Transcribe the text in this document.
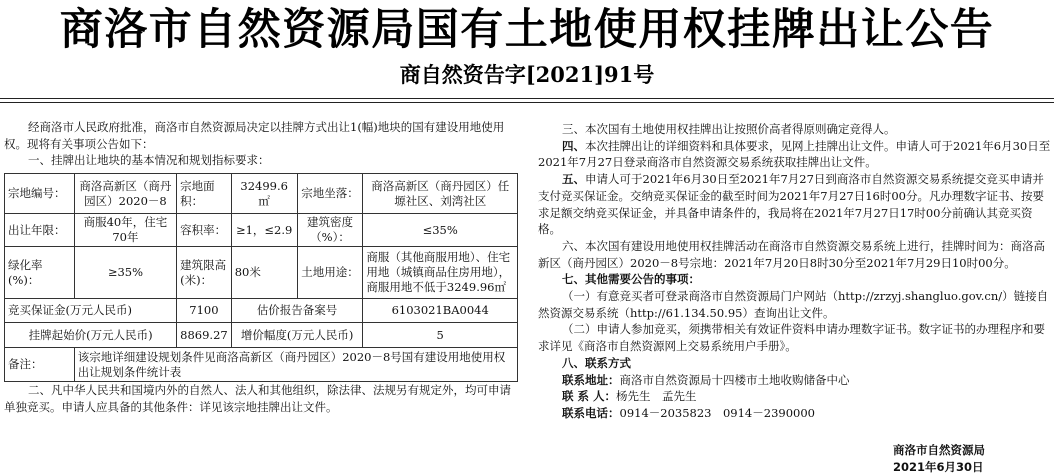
商洛市自然资源局国有土地使用权挂牌出让公告
商自然资告字[2021]91号

经商洛市人民政府批准，商洛市自然资源局决定以挂牌方式出让1(幅)地块的国有建设用地使用权。现将有关事项公告如下：

一、挂牌出让地块的基本情况和规划指标要求：

宗地编号：	商洛高新区（商丹园区）2020－8	宗地面积：	32499.6㎡	宗地坐落：	商洛高新区（商丹园区）任塬社区、刘湾社区
出让年限：	商服40年，住宅70年	容积率：	≥1，≤2.9	建筑密度（%）：	≤35%
绿化率(%)：	≥35%	建筑限高(米)：	80米	土地用途：	商服（其他商服用地）、住宅用地（城镇商品住房用地），商服用地不低于3249.96㎡
竞买保证金(万元人民币)		7100	估价报告备案号		6103021BA0044
挂牌起始价(万元人民币)		8869.27	增价幅度(万元人民币)		5
备注：	该宗地详细建设规划条件见商洛高新区（商丹园区）2020－8号国有建设用地使用权出让规划条件统计表				

二、凡中华人民共和国境内外的自然人、法人和其他组织，除法律、法规另有规定外，均可申请单独竞买。申请人应具备的其他条件：详见该宗地挂牌出让文件。

三、本次国有土地使用权挂牌出让按照价高者得原则确定竞得人。

四、本次挂牌出让的详细资料和具体要求，见网上挂牌出让文件。申请人可于2021年6月30日至2021年7月27日登录商洛市自然资源交易系统获取挂牌出让文件。

五、申请人可于2021年6月30日至2021年7月27日到商洛市自然资源交易系统提交竞买申请并支付竞买保证金。交纳竞买保证金的截至时间为2021年7月27日16时00分。凡办理数字证书、按要求足额交纳竞买保证金，并具备申请条件的，我局将在2021年7月27日17时00分前确认其竞买资格。

六、本次国有建设用地使用权挂牌活动在商洛市自然资源交易系统上进行，挂牌时间为：商洛高新区（商丹园区）2020－8号宗地：2021年7月20日8时30分至2021年7月29日10时00分。

七、其他需要公告的事项：

（一）有意竞买者可登录商洛市自然资源局门户网站（http://zrzyj.shangluo.gov.cn/）链接自然资源交易系统（http://61.134.50.95）查询出让文件。

（二）申请人参加竞买，须携带相关有效证件资料申请办理数字证书。数字证书的办理程序和要求详见《商洛市自然资源网上交易系统用户手册》。

八、联系方式

联系地址：商洛市自然资源局十四楼市土地收购储备中心

联 系 人：杨先生　孟先生

联系电话：0914－2035823　0914－2390000

商洛市自然资源局
2021年6月30日
